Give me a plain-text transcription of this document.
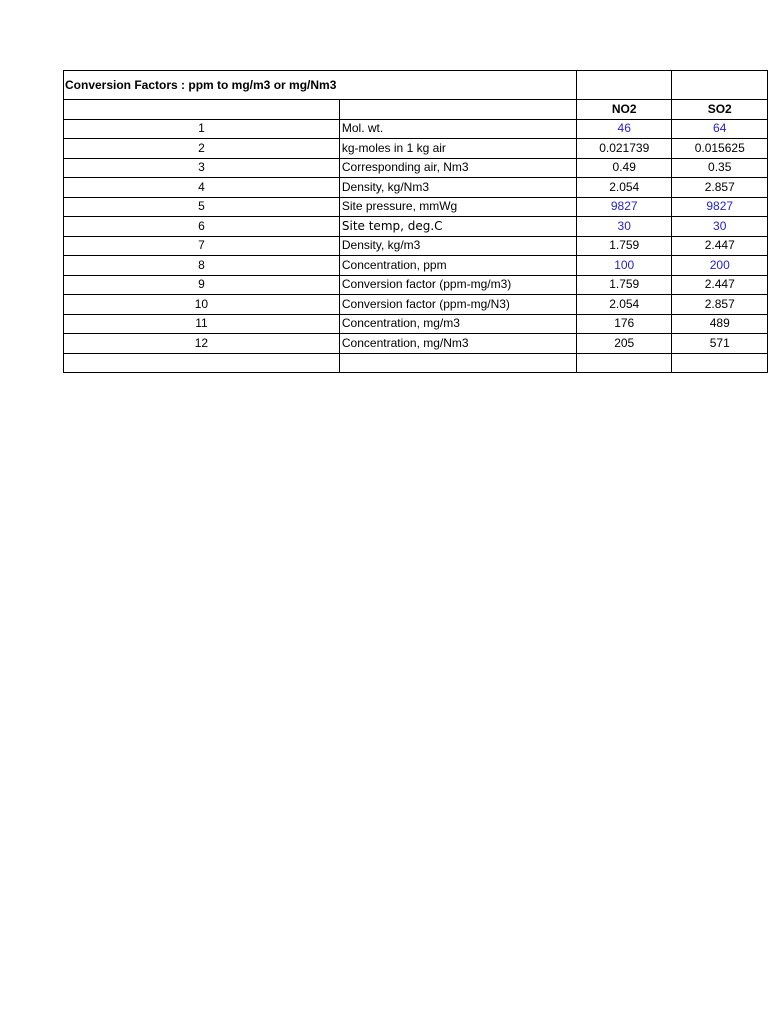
Conversion Factors : ppm to mg/m3 or mg/Nm3			
		NO2	SO2
1	Mol. wt.	46	64
2	kg-moles in 1 kg air	0.021739	0.015625
3	Corresponding air, Nm3	0.49	0.35
4	Density, kg/Nm3	2.054	2.857
5	Site pressure, mmWg	9827	9827
6	Site temp, deg.C	30	30
7	Density, kg/m3	1.759	2.447
8	Concentration, ppm	100	200
9	Conversion factor (ppm-mg/m3)	1.759	2.447
10	Conversion factor (ppm-mg/N3)	2.054	2.857
11	Concentration, mg/m3	176	489
12	Concentration, mg/Nm3	205	571
